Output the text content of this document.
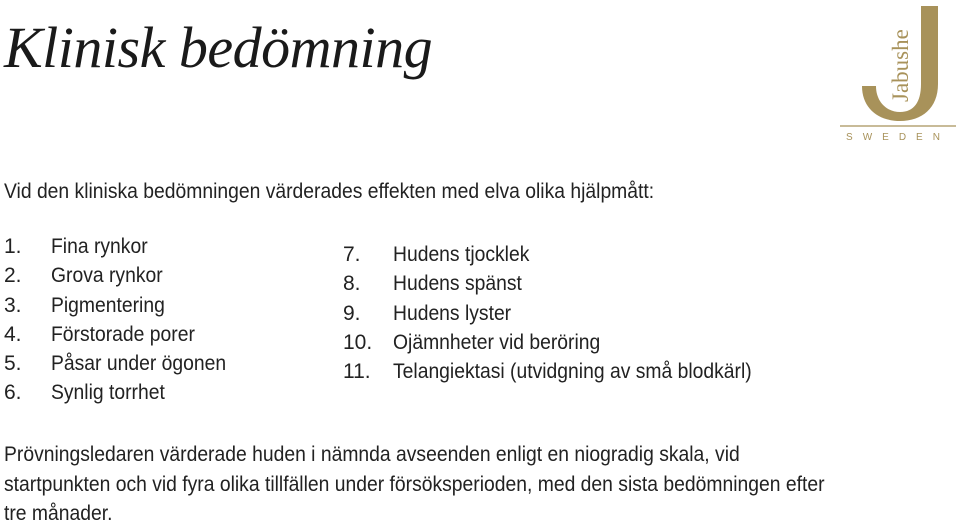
Klinisk bedömning	Jabushe
SWEDEN
Vid den kliniska bedömningen värderades effekten med elva olika hjälpmått:
1. Fina rynkor
2. Grova rynkor
3. Pigmentering
4. Förstorade porer
5. Påsar under ögonen
6. Synlig torrhet
7. Hudens tjocklek
8. Hudens spänst
9. Hudens lyster
10. Ojämnheter vid beröring
11. Telangiektasi (utvidgning av små blodkärl)
Prövningsledaren värderade huden i nämnda avseenden enligt en niogradig skala, vid
startpunkten och vid fyra olika tillfällen under försöksperioden, med den sista bedömningen efter
tre månader.
